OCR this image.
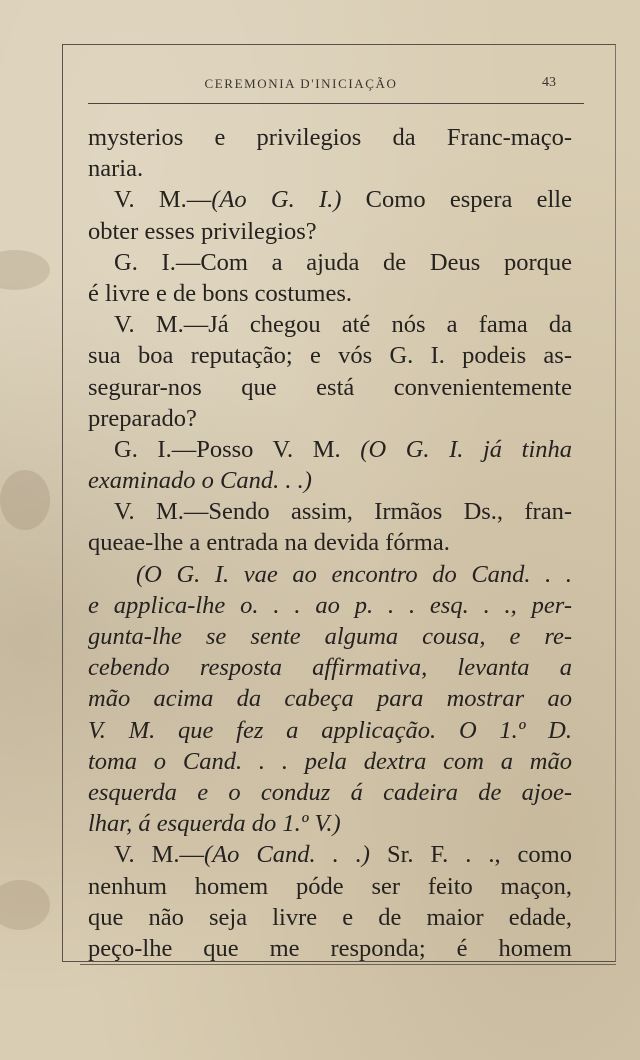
CEREMONIA D'INICIAÇÃO	43
mysterios e privilegios da Franc-maço-
naria.
V. M.—(Ao G. I.) Como espera elle
obter esses privilegios?
G. I.—Com a ajuda de Deus porque
é livre e de bons costumes.
V. M.—Já chegou até nós a fama da
sua boa reputação; e vós G. I. podeis as-
segurar-nos que está convenientemente
preparado?
G. I.—Posso V. M. (O G. I. já tinha
examinado o Cand. . .)
V. M.—Sendo assim, Irmãos Ds., fran-
queae-lhe a entrada na devida fórma.
(O G. I. vae ao encontro do Cand. . .
e applica-lhe o. . . ao p. . . esq. . ., per-
gunta-lhe se sente alguma cousa, e re-
cebendo resposta affirmativa, levanta a
mão acima da cabeça para mostrar ao
V. M. que fez a applicação. O 1.º D.
toma o Cand. . . pela dextra com a mão
esquerda e o conduz á cadeira de ajoe-
lhar, á esquerda do 1.º V.)
V. M.—(Ao Cand. . .) Sr. F. . ., como
nenhum homem póde ser feito maçon,
que não seja livre e de maior edade,
peço-lhe que me responda; é homem
